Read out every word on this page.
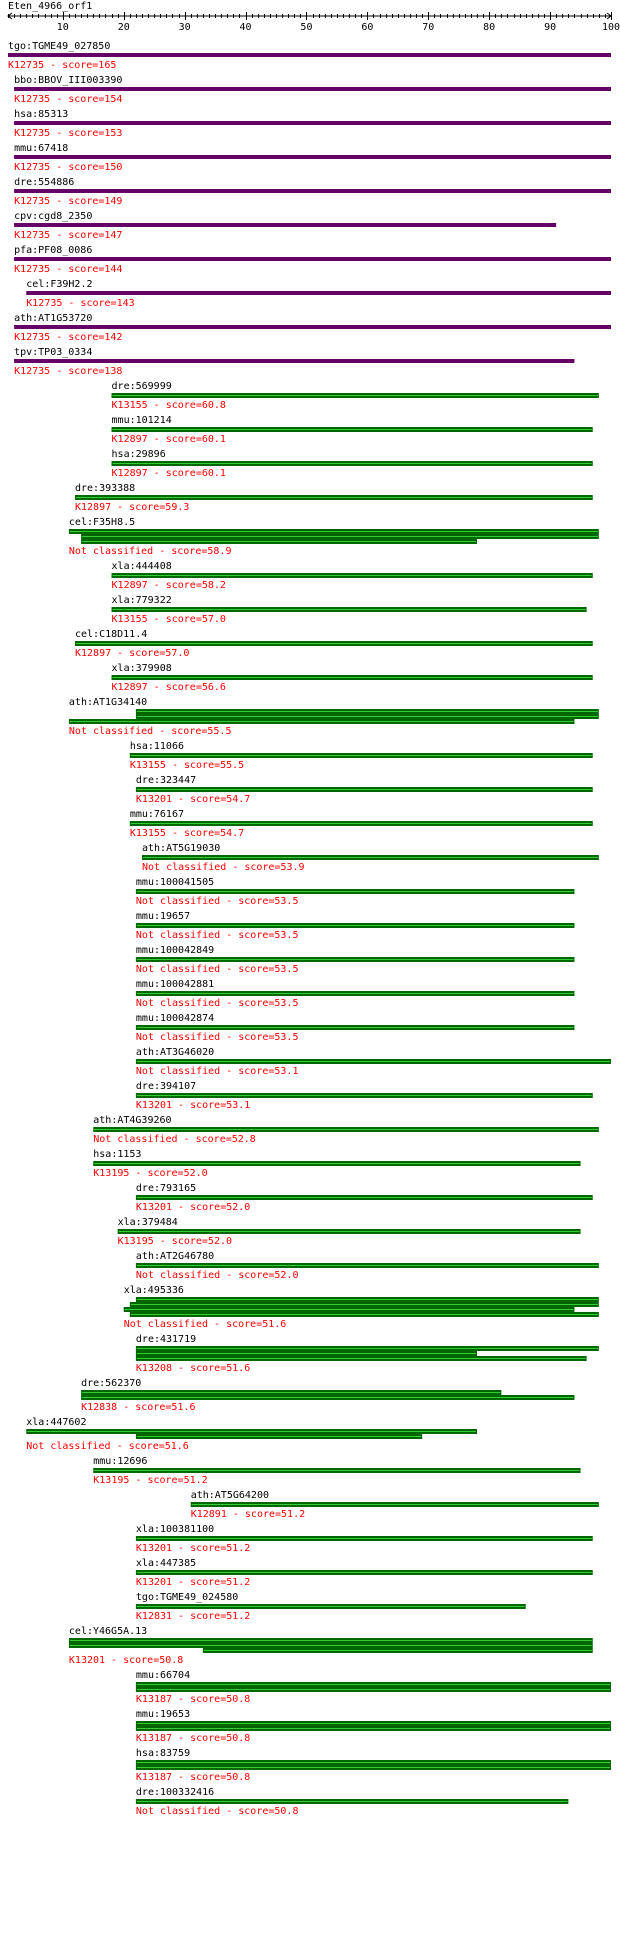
Eten_4966_orf1
10	20	30	40	50	60	70	80	90	100
tgo:TGME49_027850
K12735 - score=165
bbo:BBOV_III003390
K12735 - score=154
hsa:85313
K12735 - score=153
mmu:67418
K12735 - score=150
dre:554886
K12735 - score=149
cpv:cgd8_2350
K12735 - score=147
pfa:PF08_0086
K12735 - score=144
cel:F39H2.2
K12735 - score=143
ath:AT1G53720
K12735 - score=142
tpv:TP03_0334
K12735 - score=138
dre:569999
K13155 - score=60.8
mmu:101214
K12897 - score=60.1
hsa:29896
K12897 - score=60.1
dre:393388
K12897 - score=59.3
cel:F35H8.5
Not classified - score=58.9
xla:444408
K12897 - score=58.2
xla:779322
K13155 - score=57.0
cel:C18D11.4
K12897 - score=57.0
xla:379908
K12897 - score=56.6
ath:AT1G34140
Not classified - score=55.5
hsa:11066
K13155 - score=55.5
dre:323447
K13201 - score=54.7
mmu:76167
K13155 - score=54.7
ath:AT5G19030
Not classified - score=53.9
mmu:100041505
Not classified - score=53.5
mmu:19657
Not classified - score=53.5
mmu:100042849
Not classified - score=53.5
mmu:100042881
Not classified - score=53.5
mmu:100042874
Not classified - score=53.5
ath:AT3G46020
Not classified - score=53.1
dre:394107
K13201 - score=53.1
ath:AT4G39260
Not classified - score=52.8
hsa:1153
K13195 - score=52.0
dre:793165
K13201 - score=52.0
xla:379484
K13195 - score=52.0
ath:AT2G46780
Not classified - score=52.0
xla:495336
Not classified - score=51.6
dre:431719
K13208 - score=51.6
dre:562370
K12838 - score=51.6
xla:447602
Not classified - score=51.6
mmu:12696
K13195 - score=51.2
ath:AT5G64200
K12891 - score=51.2
xla:100381100
K13201 - score=51.2
xla:447385
K13201 - score=51.2
tgo:TGME49_024580
K12831 - score=51.2
cel:Y46G5A.13
K13201 - score=50.8
mmu:66704
K13187 - score=50.8
mmu:19653
K13187 - score=50.8
hsa:83759
K13187 - score=50.8
dre:100332416
Not classified - score=50.8
